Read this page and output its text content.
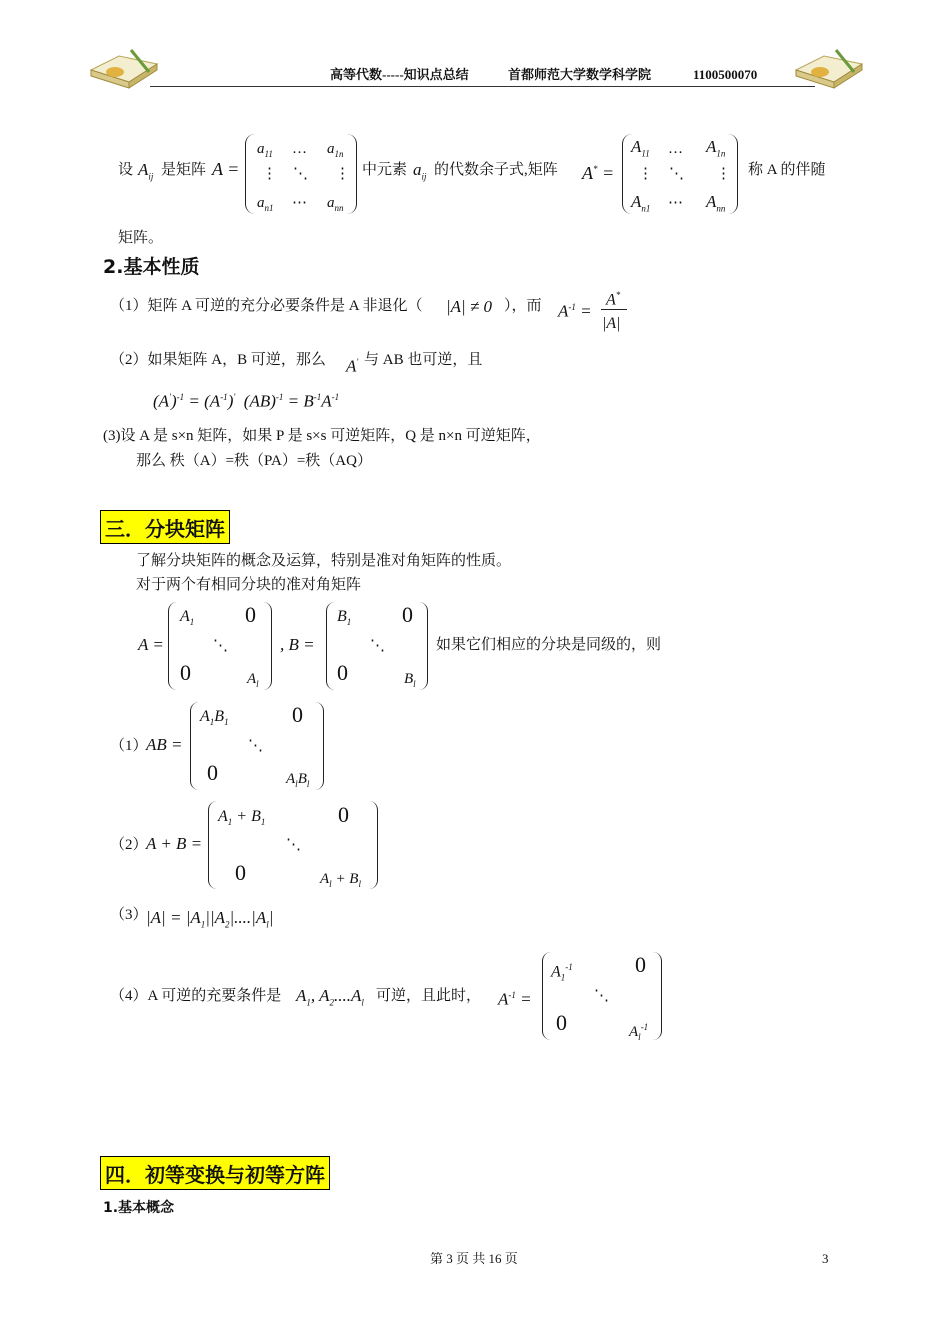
高等代数-----知识点总结	首都师范大学数学科学院	1100500070
设 $A_{ij}$ 是矩阵 A =
$a_{11}$ … $a_{1n}$
⋮ ⋱ ⋮
$a_{n1}$ ⋯ $a_{nn}$
中元素 $a_{ij}$ 的代数余子式,矩阵 A* =
$A_{11}$ … $A_{1n}$
⋮ ⋱ ⋮
$A_{n1}$ ⋯ $A_{nn}$
称 A 的伴随
矩阵。
2.基本性质
（1）矩阵 A 可逆的充分必要条件是 A 非退化（ |A| ≠ 0 ），而 $A^{-1}$ =
A*
|A|
（2）如果矩阵 A，B 可逆，那么 A' 与 AB 也可逆，且
$(A')^{-1} = (A^{-1})'$  $(AB)^{-1} = B^{-1}A^{-1}$
(3)设 A 是 s×n 矩阵，如果 P 是 s×s 可逆矩阵，Q 是 n×n 可逆矩阵，
那么 秩（A）=秩（PA）=秩（AQ）
三．分块矩阵
了解分块矩阵的概念及运算，特别是准对角矩阵的性质。
对于两个有相同分块的准对角矩阵
A =
$A_1$ 0
⋱
0	$A_l$
, B =
$B_1$ 0
⋱
0	$B_l$
如果它们相应的分块是同级的，则
（1）
AB =
$A_1B_1$	0
⋱
0	$A_lB_l$
（2）
A + B =
$A_1 + B_1$	0
⋱
0	$A_l + B_l$
（3）
$|A| = |A_1||A_2|....|A_l|$
（4）A 可逆的充要条件是 $A_1$, $A_2....A_l$ 可逆，且此时， $A^{-1}$ =
$A_1^{-1}$	0
⋱
0	$A_l^{-1}$
四．初等变换与初等方阵
1.基本概念
第 3 页 共 16 页	3
